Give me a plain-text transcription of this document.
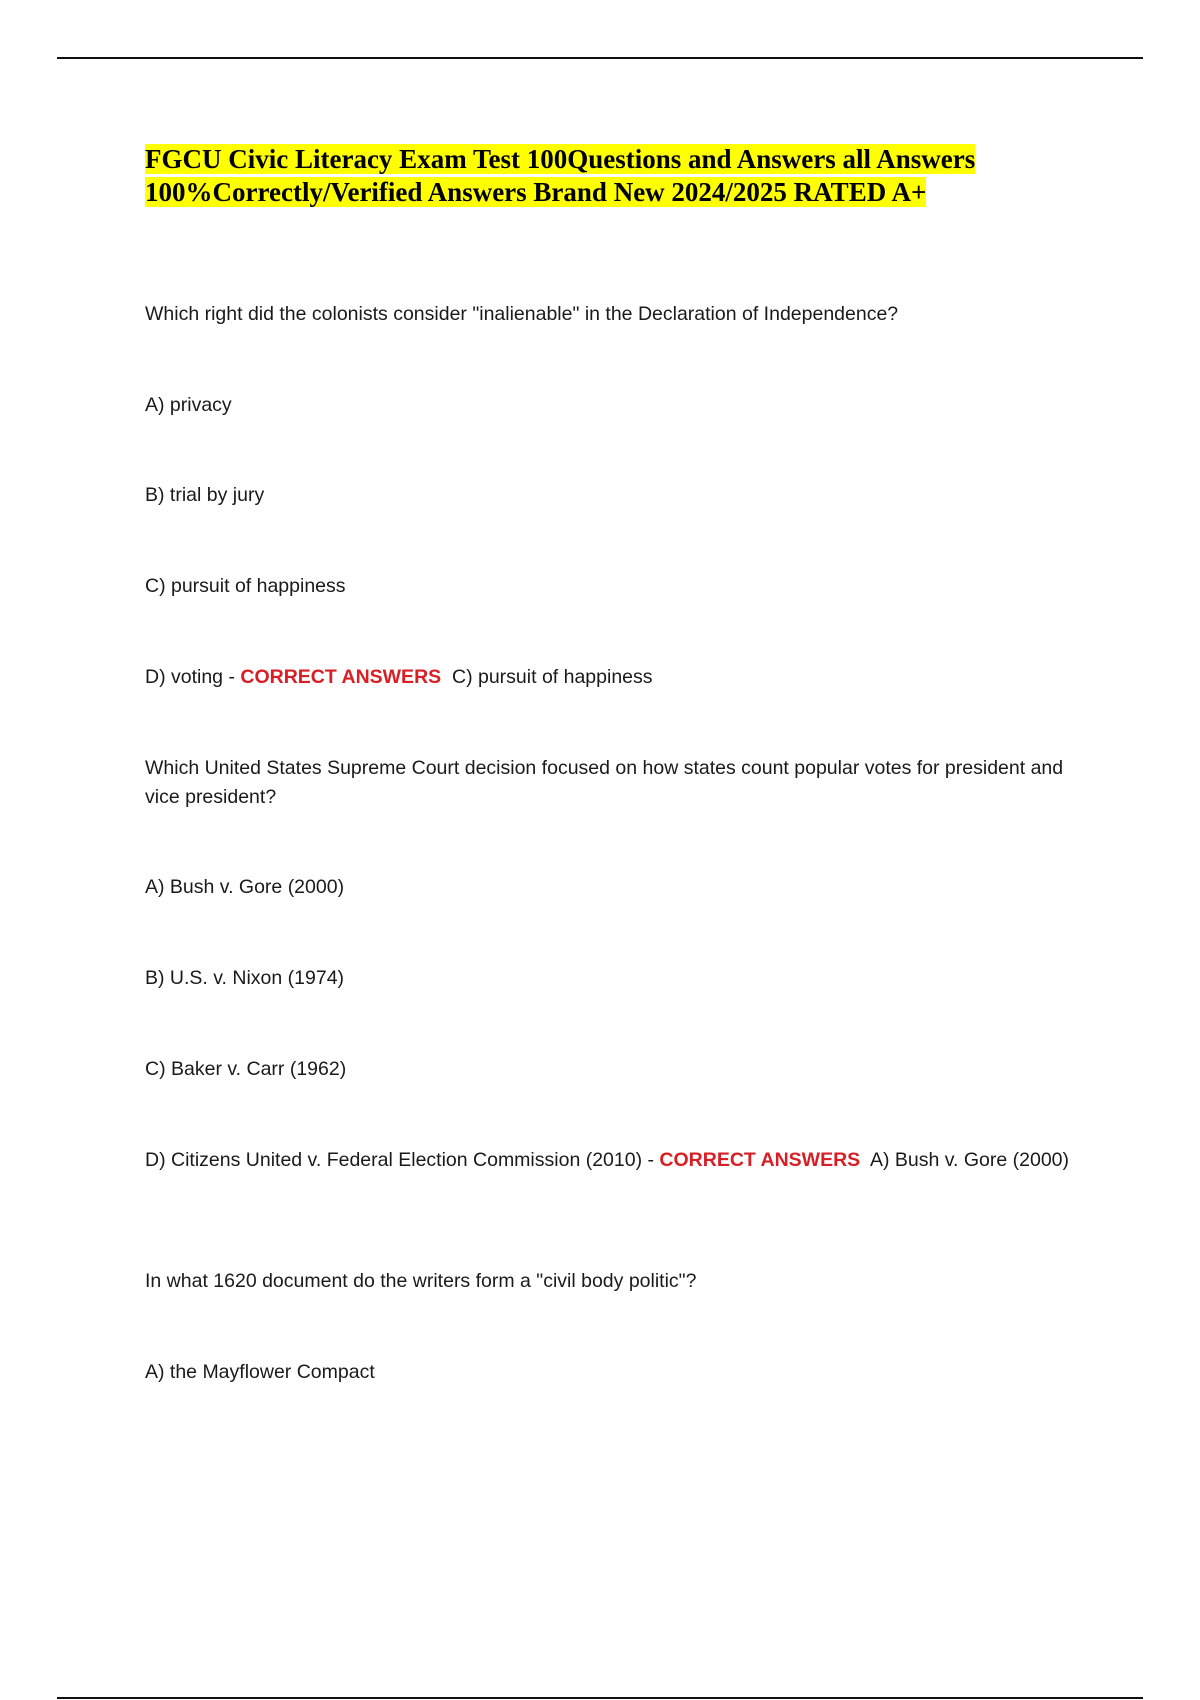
FGCU Civic Literacy Exam Test 100Questions and Answers all Answers 100%Correctly/Verified Answers Brand New 2024/2025 RATED A+

Which right did the colonists consider "inalienable" in the Declaration of Independence?

A) privacy

B) trial by jury

C) pursuit of happiness

D) voting - CORRECT ANSWERS C) pursuit of happiness

Which United States Supreme Court decision focused on how states count popular votes for president and vice president?

A) Bush v. Gore (2000)

B) U.S. v. Nixon (1974)

C) Baker v. Carr (1962)

D) Citizens United v. Federal Election Commission (2010) - CORRECT ANSWERS A) Bush v. Gore (2000)

In what 1620 document do the writers form a "civil body politic"?

A) the Mayflower Compact
